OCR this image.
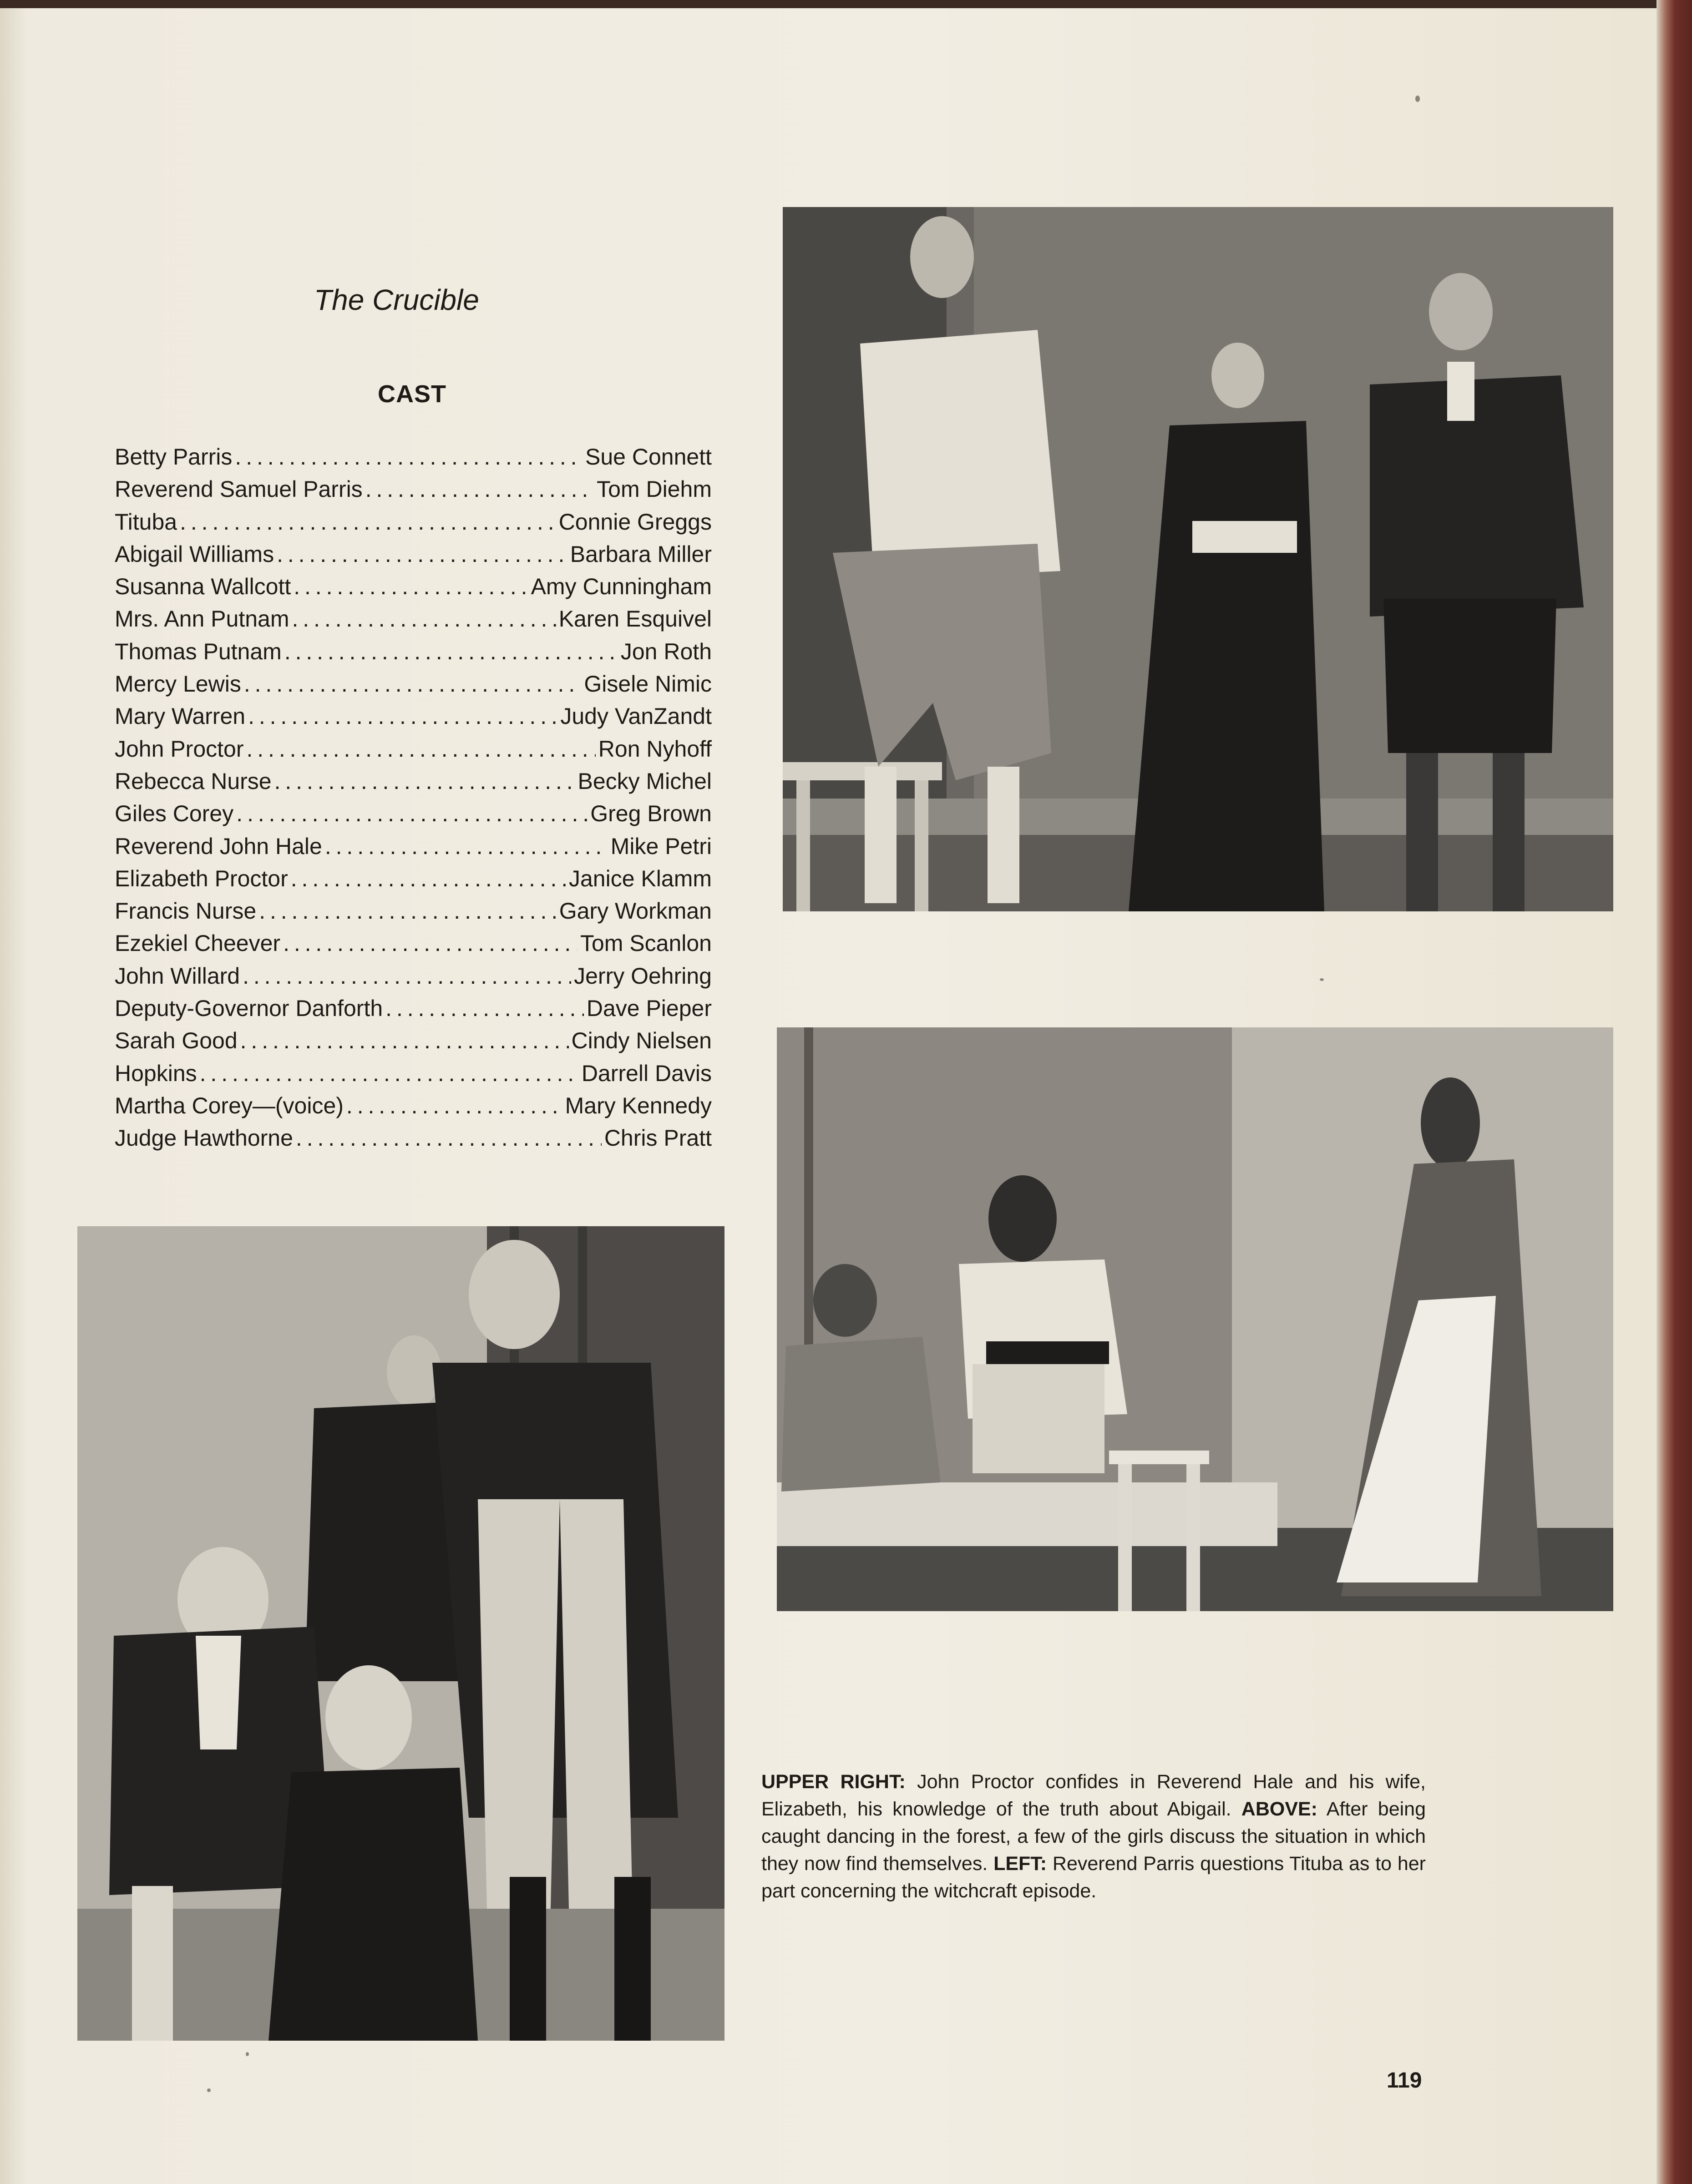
The Crucible
CAST
Betty Parris . . .	Sue Connett
Reverend Samuel Parris . . .	Tom Diehm
Tituba . . .	Connie Greggs
Abigail Williams . . .	Barbara Miller
Susanna Wallcott . . .	Amy Cunningham
Mrs. Ann Putnam . . .	Karen Esquivel
Thomas Putnam . . .	Jon Roth
Mercy Lewis . . .	Gisele Nimic
Mary Warren . . .	Judy VanZandt
John Proctor . . .	Ron Nyhoff
Rebecca Nurse . . .	Becky Michel
Giles Corey . . .	Greg Brown
Reverend John Hale . . .	Mike Petri
Elizabeth Proctor . . .	Janice Klamm
Francis Nurse . . .	Gary Workman
Ezekiel Cheever . . .	Tom Scanlon
John Willard . . .	Jerry Oehring
Deputy-Governor Danforth . . .	Dave Pieper
Sarah Good . . .	Cindy Nielsen
Hopkins . . .	Darrell Davis
Martha Corey—(voice) . . .	Mary Kennedy
Judge Hawthorne . . .	Chris Pratt
UPPER RIGHT: John Proctor confides in Reverend Hale and his wife, Elizabeth, his knowledge of the truth about Abigail. ABOVE: After being caught dancing in the forest, a few of the girls discuss the situation in which they now find themselves. LEFT: Reverend Parris questions Tituba as to her part concerning the witchcraft episode.
119
